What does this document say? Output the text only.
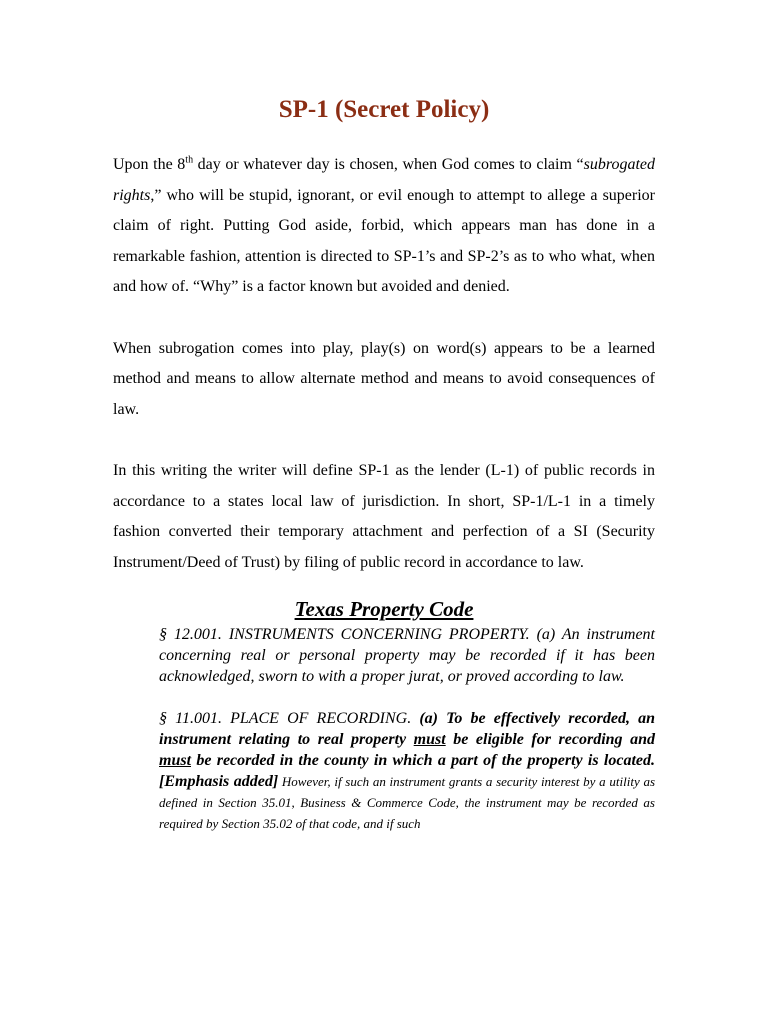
SP-1 (Secret Policy)

Upon the 8th day or whatever day is chosen, when God comes to claim “subrogated rights,” who will be stupid, ignorant, or evil enough to attempt to allege a superior claim of right. Putting God aside, forbid, which appears man has done in a remarkable fashion, attention is directed to SP-1’s and SP-2’s as to who what, when and how of. “Why” is a factor known but avoided and denied.

When subrogation comes into play, play(s) on word(s) appears to be a learned method and means to allow alternate method and means to avoid consequences of law.

In this writing the writer will define SP-1 as the lender (L-1) of public records in accordance to a states local law of jurisdiction. In short, SP-1/L-1 in a timely fashion converted their temporary attachment and perfection of a SI (Security Instrument/Deed of Trust) by filing of public record in accordance to law.

Texas Property Code

§ 12.001. INSTRUMENTS CONCERNING PROPERTY. (a) An instrument concerning real or personal property may be recorded if it has been acknowledged, sworn to with a proper jurat, or proved according to law.

§ 11.001. PLACE OF RECORDING. (a) To be effectively recorded, an instrument relating to real property must be eligible for recording and must be recorded in the county in which a part of the property is located. [Emphasis added] However, if such an instrument grants a security interest by a utility as defined in Section 35.01, Business & Commerce Code, the instrument may be recorded as required by Section 35.02 of that code, and if such
